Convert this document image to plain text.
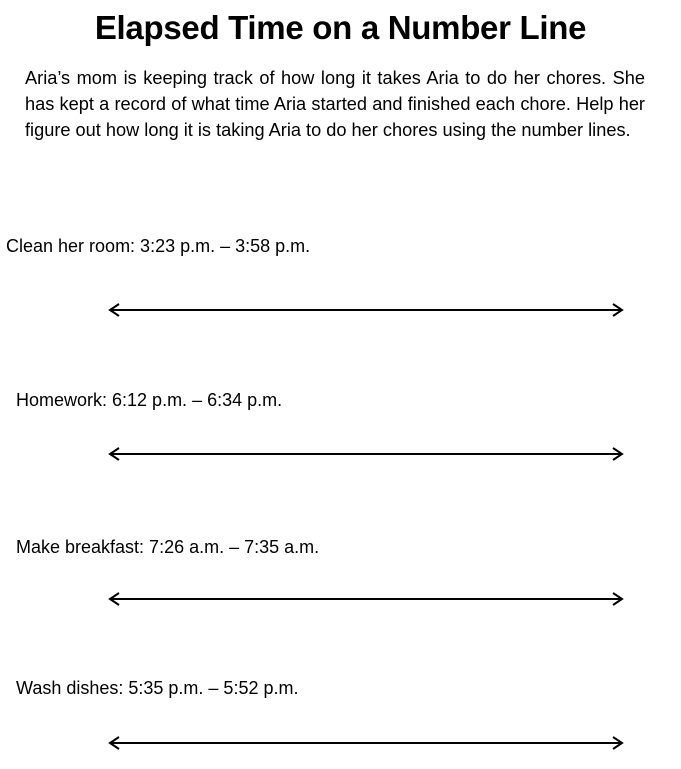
Elapsed Time on a Number Line
Aria’s mom is keeping track of how long it takes Aria to do her chores. She has kept a record of what time Aria started and finished each chore. Help her figure out how long it is taking Aria to do her chores using the number lines.
Clean her room: 3:23 p.m. – 3:58 p.m.
Homework: 6:12 p.m. – 6:34 p.m.
Make breakfast: 7:26 a.m. – 7:35 a.m.
Wash dishes: 5:35 p.m. – 5:52 p.m.
